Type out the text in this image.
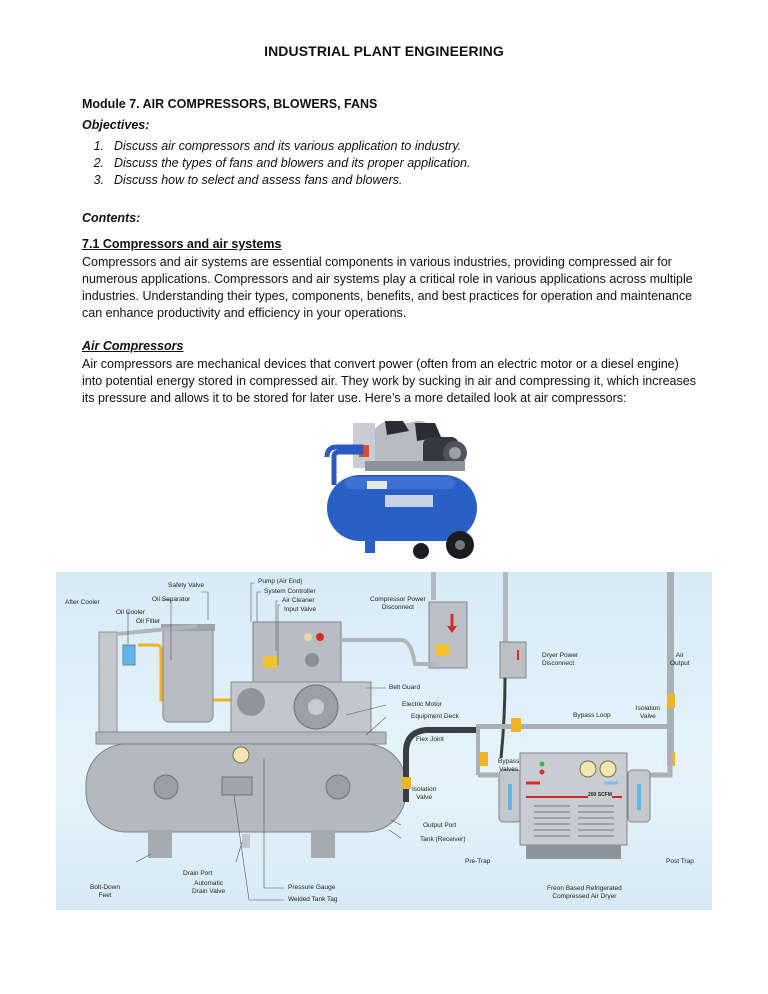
INDUSTRIAL PLANT ENGINEERING
Module 7. AIR COMPRESSORS, BLOWERS, FANS
Objectives:
1. Discuss air compressors and its various application to industry.
2. Discuss the types of fans and blowers and its proper application.
3. Discuss how to select and assess fans and blowers.
Contents:
7.1 Compressors and air systems

Compressors and air systems are essential components in various industries, providing compressed air for numerous applications. Compressors and air systems play a critical role in various applications across multiple industries. Understanding their types, components, benefits, and best practices for operation and maintenance can enhance productivity and efficiency in your operations.

Air Compressors

Air compressors are mechanical devices that convert power (often from an electric motor or a diesel engine) into potential energy stored in compressed air. They work by sucking in air and compressing it, which increases its pressure and allows it to be stored for later use. Here’s a more detailed look at air compressors:

Safety Valve
Pump (Air End)
System Controller
Air Cleaner
Input Valve
Oil Separator
After Cooler
Oil Cooler
Oil Filter
Compressor Power
Disconnect
Dryer Power
Disconnect
Air
Output
Isolation
Valve
Belt Guard
Electric Motor
Equipment Deck	Bypass Loop
Flex Joint
Bypass
Valves
Isolation
Valve
Output Port
Tank (Receiver)
Pre-Trap	Post Trap
200 SCFM
Drain Port
Automatic
Drain Valve
Bolt-Down
Feet
Pressure Gauge
Welded Tank Tag
Freon Based Refrigerated
Compressed Air Dryer
